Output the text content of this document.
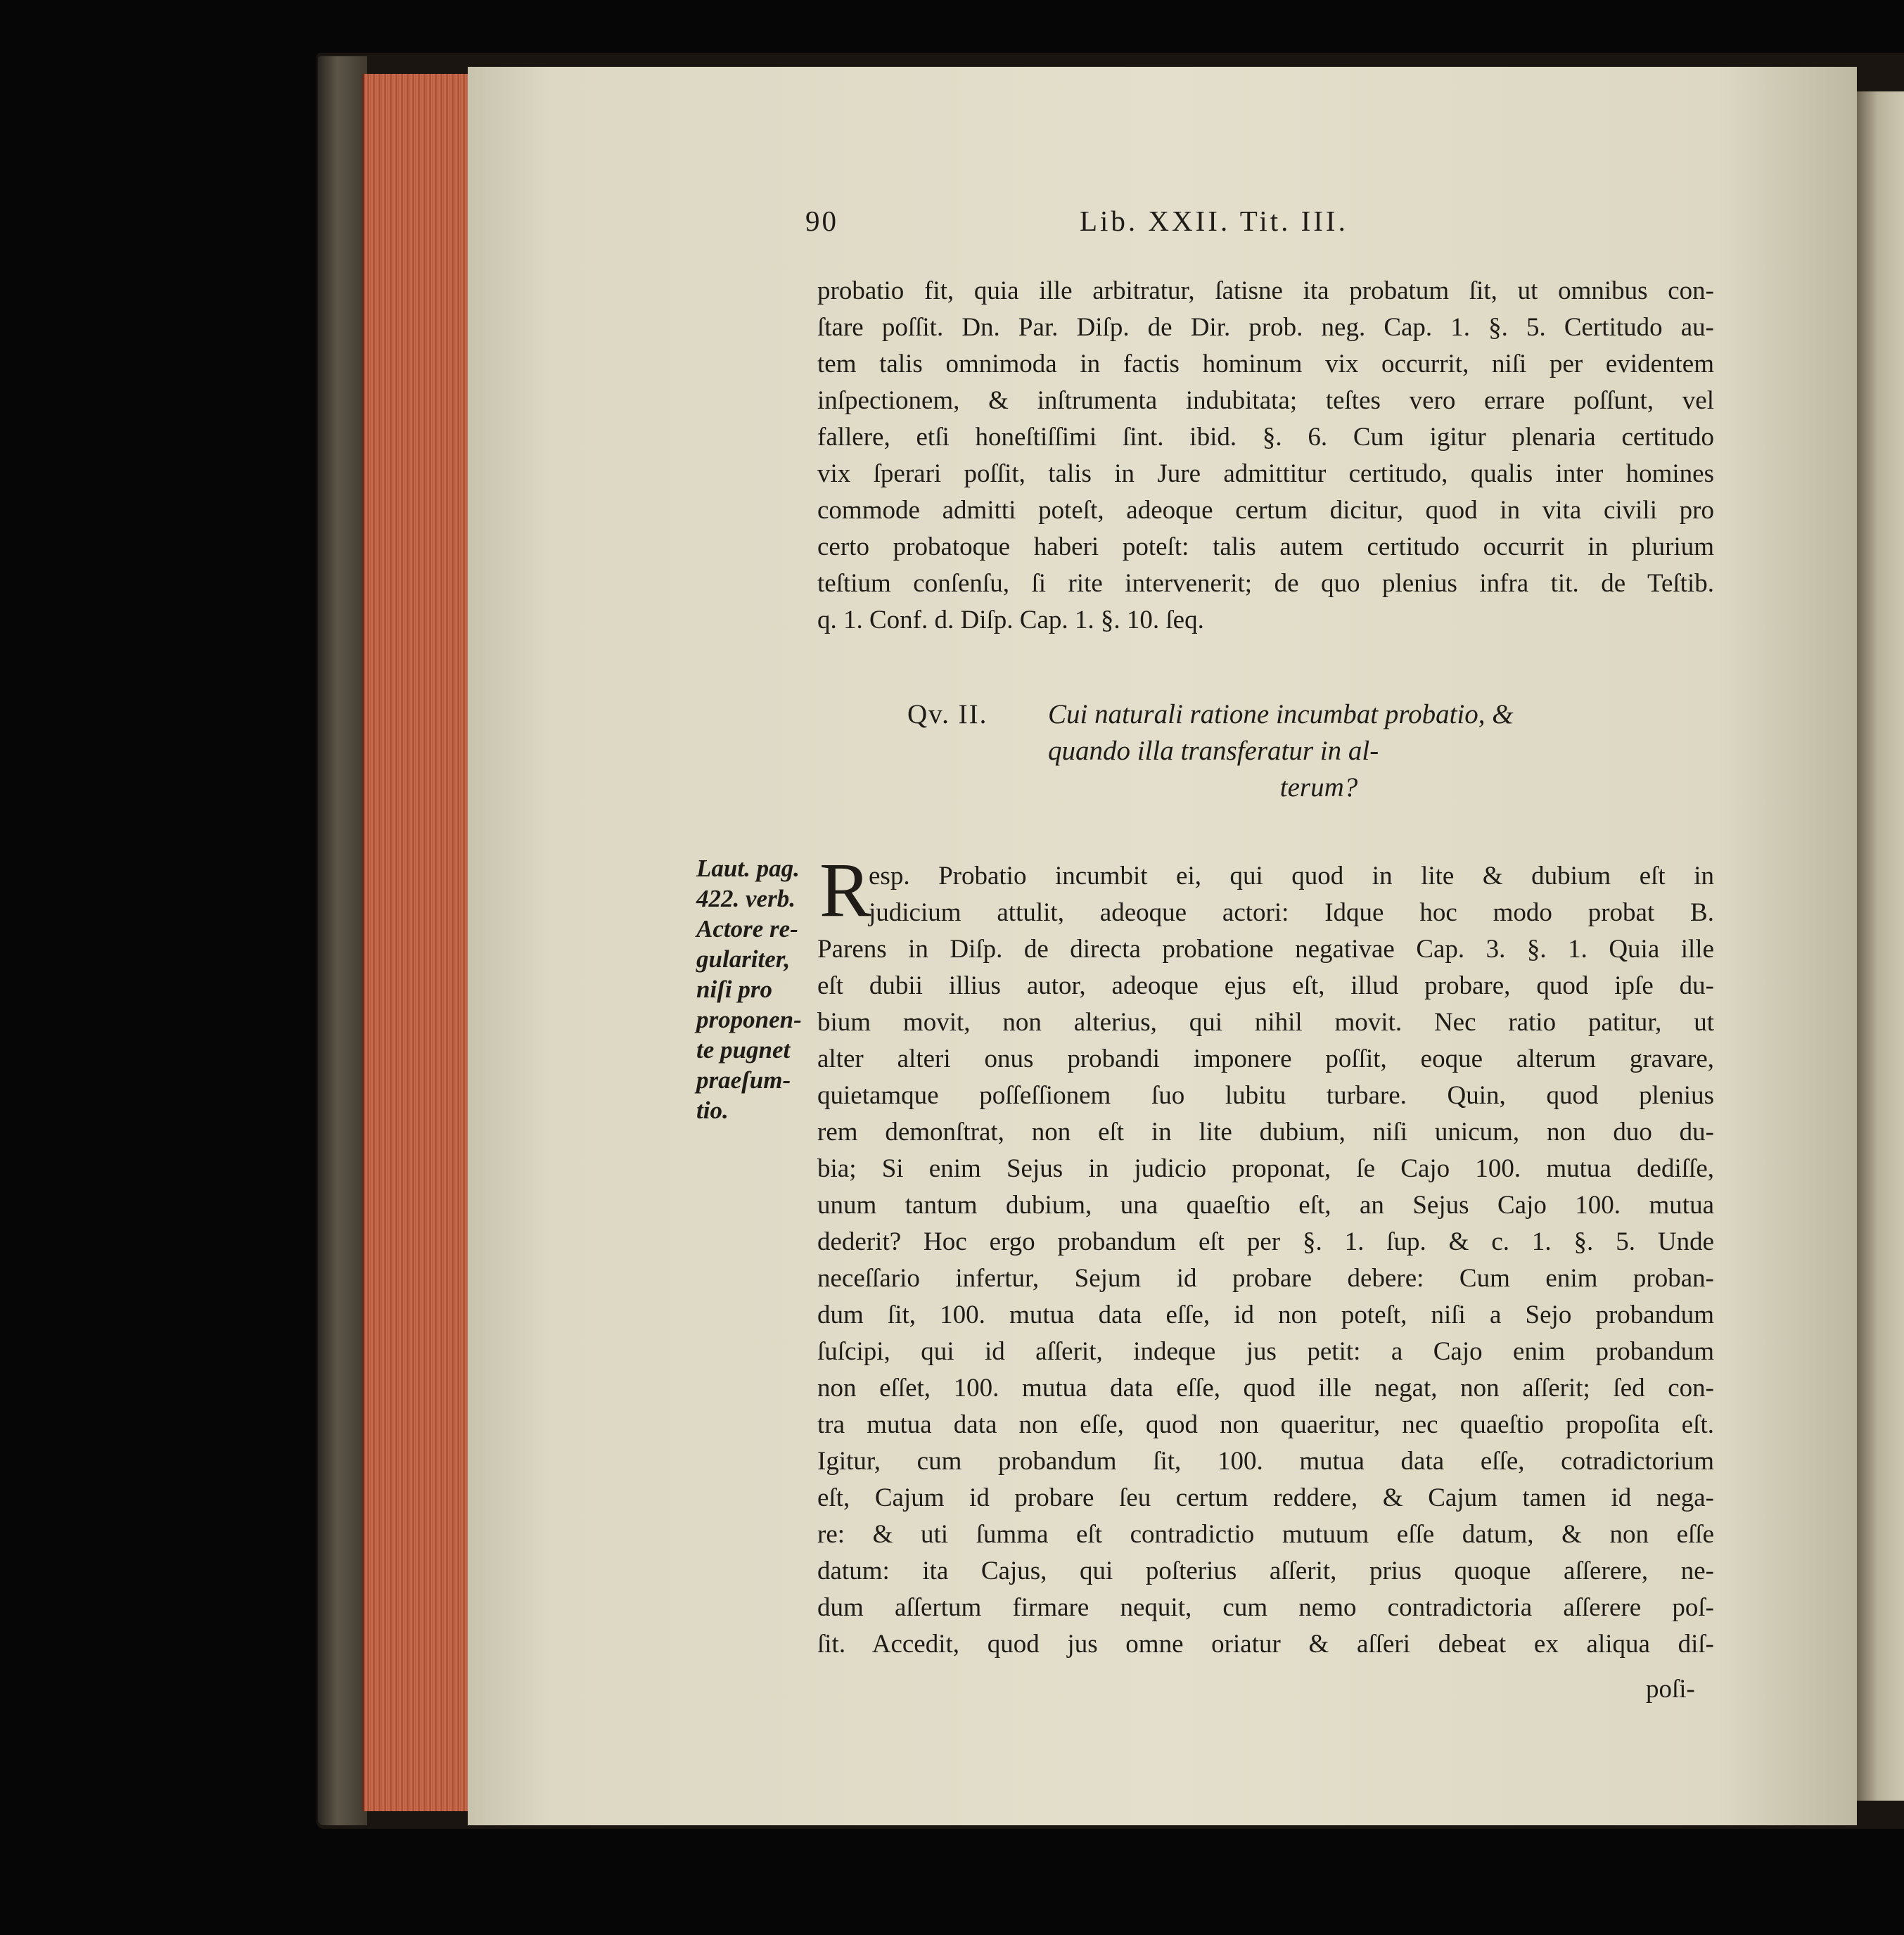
90	Lib. XXII. Tit. III.
probatio fit, quia ille arbitratur, ſatisne ita probatum ſit, ut omnibus con-
ſtare poſſit. Dn. Par. Diſp. de Dir. prob. neg. Cap. 1. §. 5. Certitudo au-
tem talis omnimoda in factis hominum vix occurrit, niſi per evidentem
inſpectionem, & inſtrumenta indubitata; teſtes vero errare poſſunt, vel
fallere, etſi honeſtiſſimi ſint. ibid. §. 6. Cum igitur plenaria certitudo
vix ſperari poſſit, talis in Jure admittitur certitudo, qualis inter homines
commode admitti poteſt, adeoque certum dicitur, quod in vita civili pro
certo probatoque haberi poteſt: talis autem certitudo occurrit in plurium
teſtium conſenſu, ſi rite intervenerit; de quo plenius infra tit. de Teſtib.
q. 1. Conf. d. Diſp. Cap. 1. §. 10. ſeq.
Qv. II. Cui naturali ratione incumbat probatio, &
quando illa transferatur in al-
terum?
Laut. pag.
422. verb.
Actore re-
gulariter,
niſi pro
proponen-
te pugnet
praeſum-
tio.
R
esp. Probatio incumbit ei, qui quod in lite & dubium eſt in
judicium attulit, adeoque actori: Idque hoc modo probat B.
Parens in Diſp. de directa probatione negativae Cap. 3. §. 1. Quia ille
eſt dubii illius autor, adeoque ejus eſt, illud probare, quod ipſe du-
bium movit, non alterius, qui nihil movit. Nec ratio patitur, ut
alter alteri onus probandi imponere poſſit, eoque alterum gravare,
quietamque poſſeſſionem ſuo lubitu turbare. Quin, quod plenius
rem demonſtrat, non eſt in lite dubium, niſi unicum, non duo du-
bia; Si enim Sejus in judicio proponat, ſe Cajo 100. mutua dediſſe,
unum tantum dubium, una quaeſtio eſt, an Sejus Cajo 100. mutua
dederit? Hoc ergo probandum eſt per §. 1. ſup. & c. 1. §. 5. Unde
neceſſario infertur, Sejum id probare debere: Cum enim proban-
dum ſit, 100. mutua data eſſe, id non poteſt, niſi a Sejo probandum
ſuſcipi, qui id aſſerit, indeque jus petit: a Cajo enim probandum
non eſſet, 100. mutua data eſſe, quod ille negat, non aſſerit; ſed con-
tra mutua data non eſſe, quod non quaeritur, nec quaeſtio propoſita eſt.
Igitur, cum probandum ſit, 100. mutua data eſſe, cotradictorium
eſt, Cajum id probare ſeu certum reddere, & Cajum tamen id nega-
re: & uti ſumma eſt contradictio mutuum eſſe datum, & non eſſe
datum: ita Cajus, qui poſterius aſſerit, prius quoque aſſerere, ne-
dum aſſertum firmare nequit, cum nemo contradictoria aſſerere poſ-
ſit. Accedit, quod jus omne oriatur & aſſeri debeat ex aliqua diſ-
poſi-
